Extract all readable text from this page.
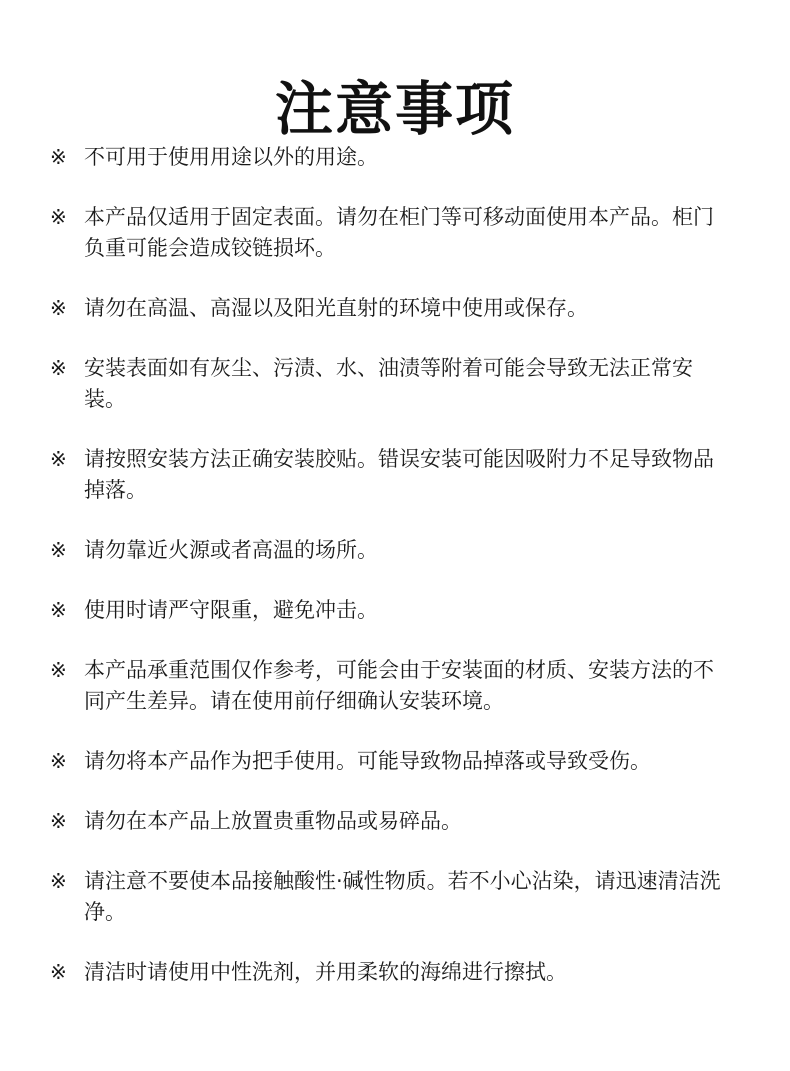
注意事项
※ 不可用于使用用途以外的用途。
※ 本产品仅适用于固定表面。请勿在柜门等可移动面使用本产品。柜门负重可能会造成铰链损坏。
※ 请勿在高温、高湿以及阳光直射的环境中使用或保存。
※ 安装表面如有灰尘、污渍、水、油渍等附着可能会导致无法正常安装。
※ 请按照安装方法正确安装胶贴。错误安装可能因吸附力不足导致物品掉落。
※ 请勿靠近火源或者高温的场所。
※ 使用时请严守限重，避免冲击。
※ 本产品承重范围仅作参考，可能会由于安装面的材质、安装方法的不同产生差异。请在使用前仔细确认安装环境。
※ 请勿将本产品作为把手使用。可能导致物品掉落或导致受伤。
※ 请勿在本产品上放置贵重物品或易碎品。
※ 请注意不要使本品接触酸性·碱性物质。若不小心沾染，请迅速清洁洗净。
※ 清洁时请使用中性洗剂，并用柔软的海绵进行擦拭。
